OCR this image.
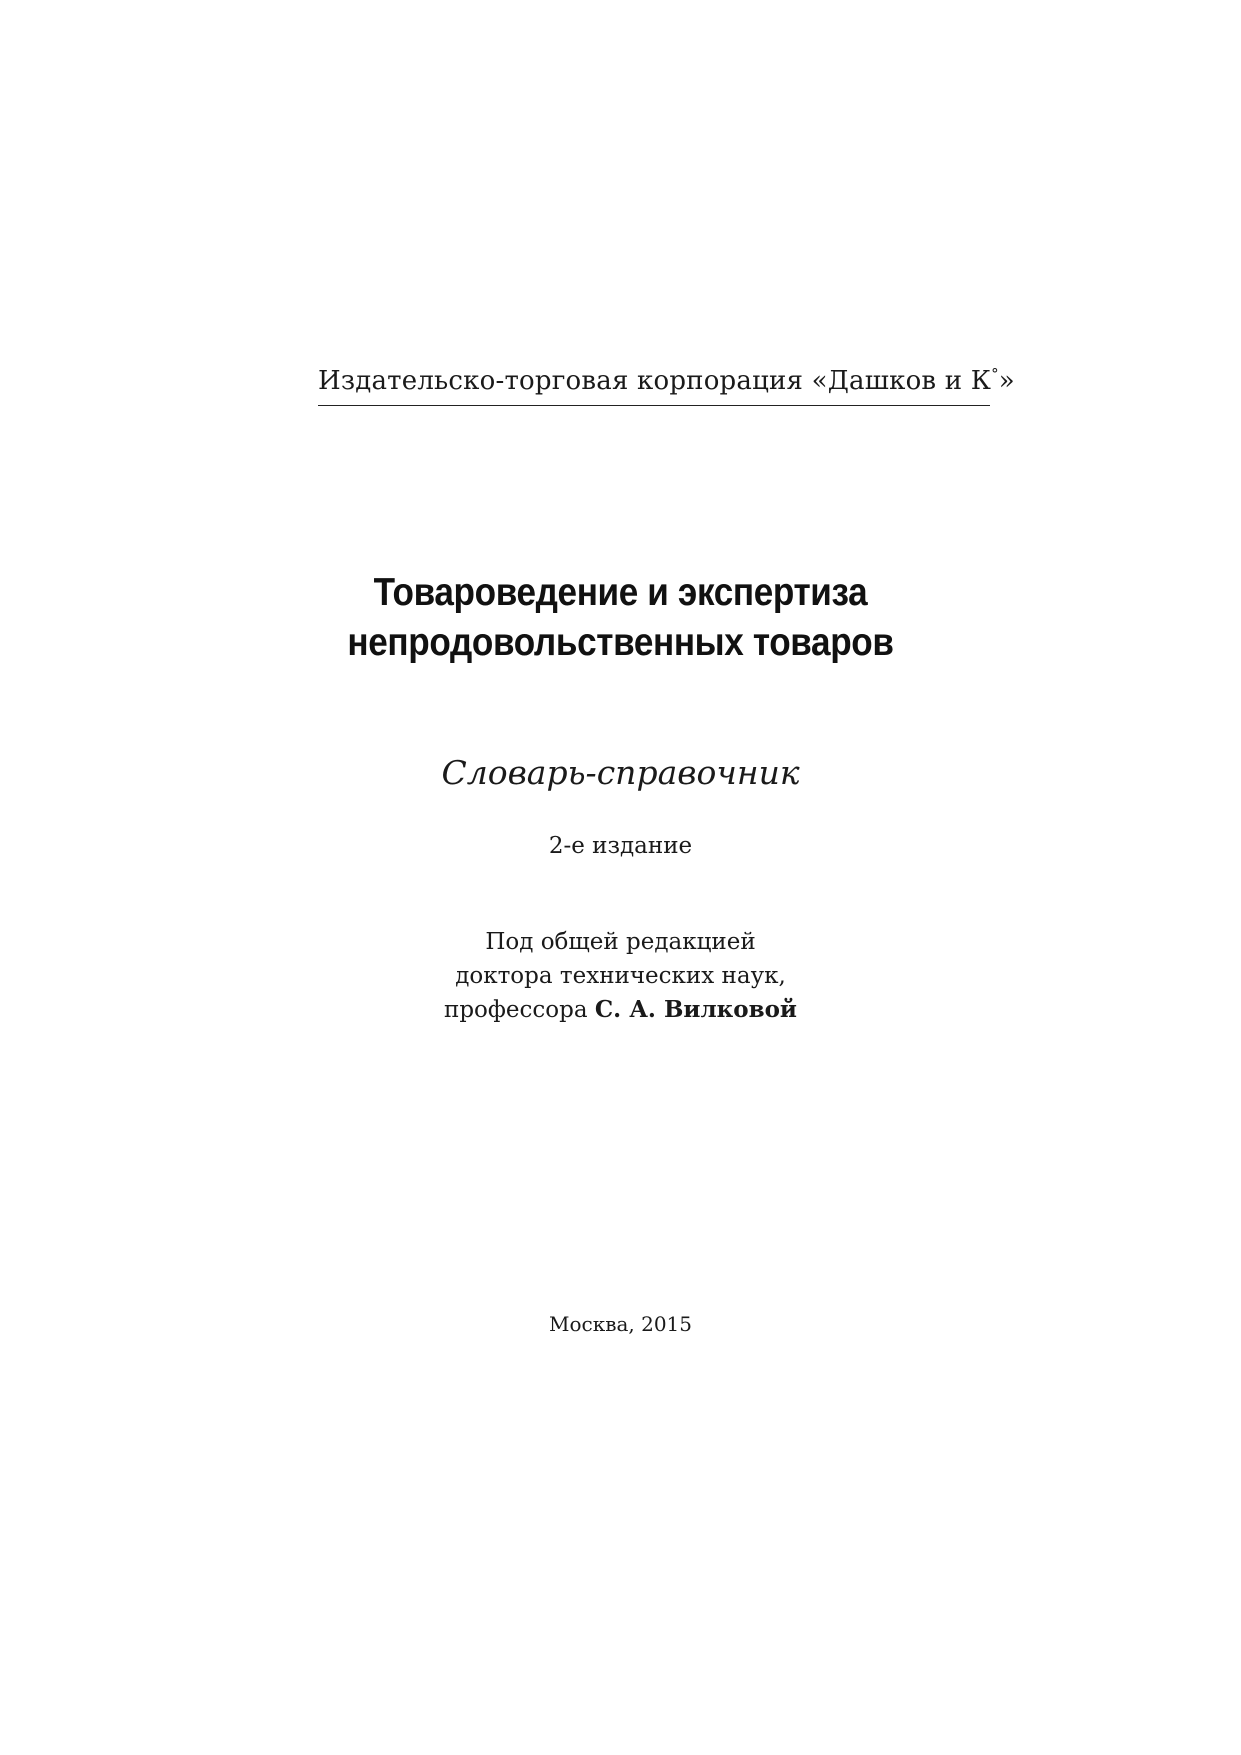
Издательско-торговая корпорация «Дашков и К°»
Товароведение и экспертиза
непродовольственных товаров
Словарь-справочник
2-е издание
Под общей редакцией
доктора технических наук,
профессора С. А. Вилковой
Москва, 2015
